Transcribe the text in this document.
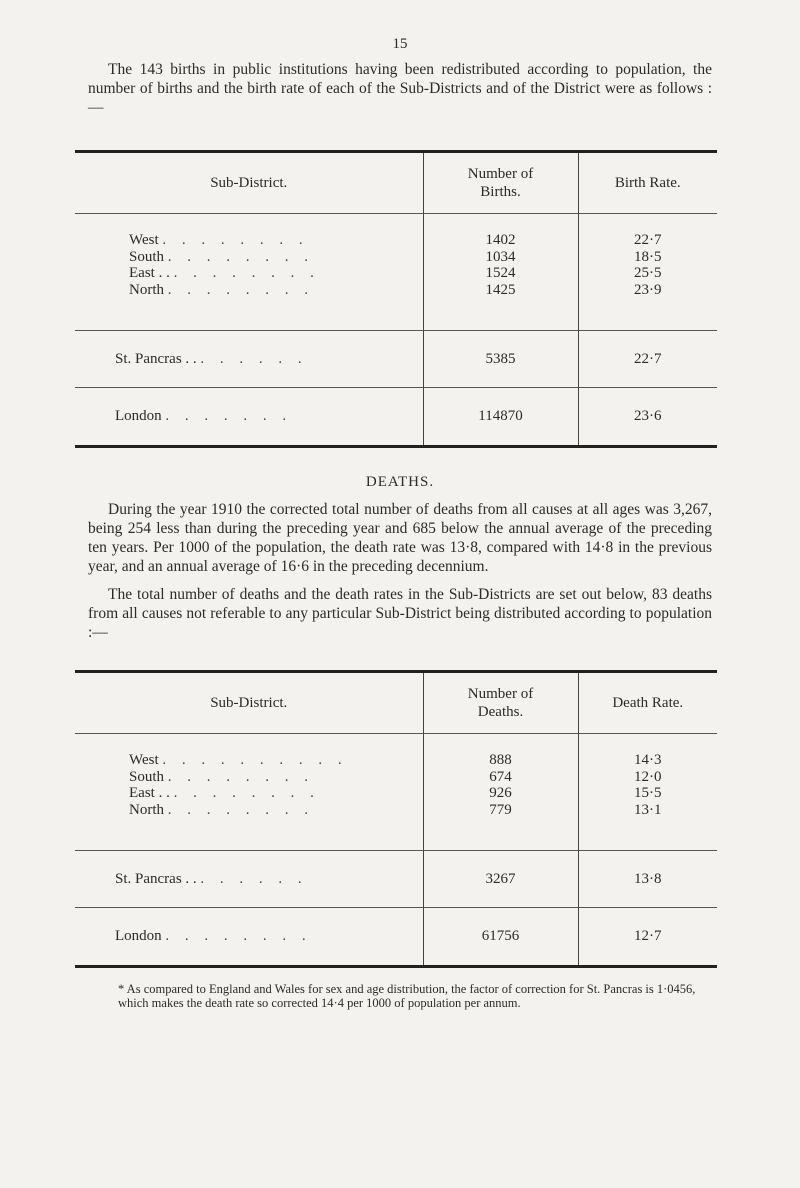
15

The 143 births in public institutions having been redistributed according to population, the number of births and the birth rate of each of the Sub-Districts and of the District were as follows :—

Sub-District.	Number of Births.	Birth Rate.
West . . . . . . . .	1402	22·7
South . . . . . . . .	1034	18·5
East . . . . . . . . . .	1524	25·5
North . . . . . . . .	1425	23·9
St. Pancras . . . . . . . .	5385	22·7
London . . . . . . .	114870	23·6
DEATHS.

During the year 1910 the corrected total number of deaths from all causes at all ages was 3,267, being 254 less than during the preceding year and 685 below the annual average of the preceding ten years. Per 1000 of the population, the death rate was 13·8, compared with 14·8 in the previous year, and an annual average of 16·6 in the preceding decennium.

The total number of deaths and the death rates in the Sub-Districts are set out below, 83 deaths from all causes not referable to any particular Sub-District being distributed according to population :—

Sub-District.	Number of Deaths.	Death Rate.
West . . . . . . . . . .	888	14·3
South . . . . . . . .	674	12·0
East . . . . . . . . . .	926	15·5
North . . . . . . . .	779	13·1
St. Pancras . . . . . . . .	3267	13·8
London . . . . . . . .	61756	12·7

* As compared to England and Wales for sex and age distribution, the factor of correction for St. Pancras is 1·0456, which makes the death rate so corrected 14·4 per 1000 of population per annum.
